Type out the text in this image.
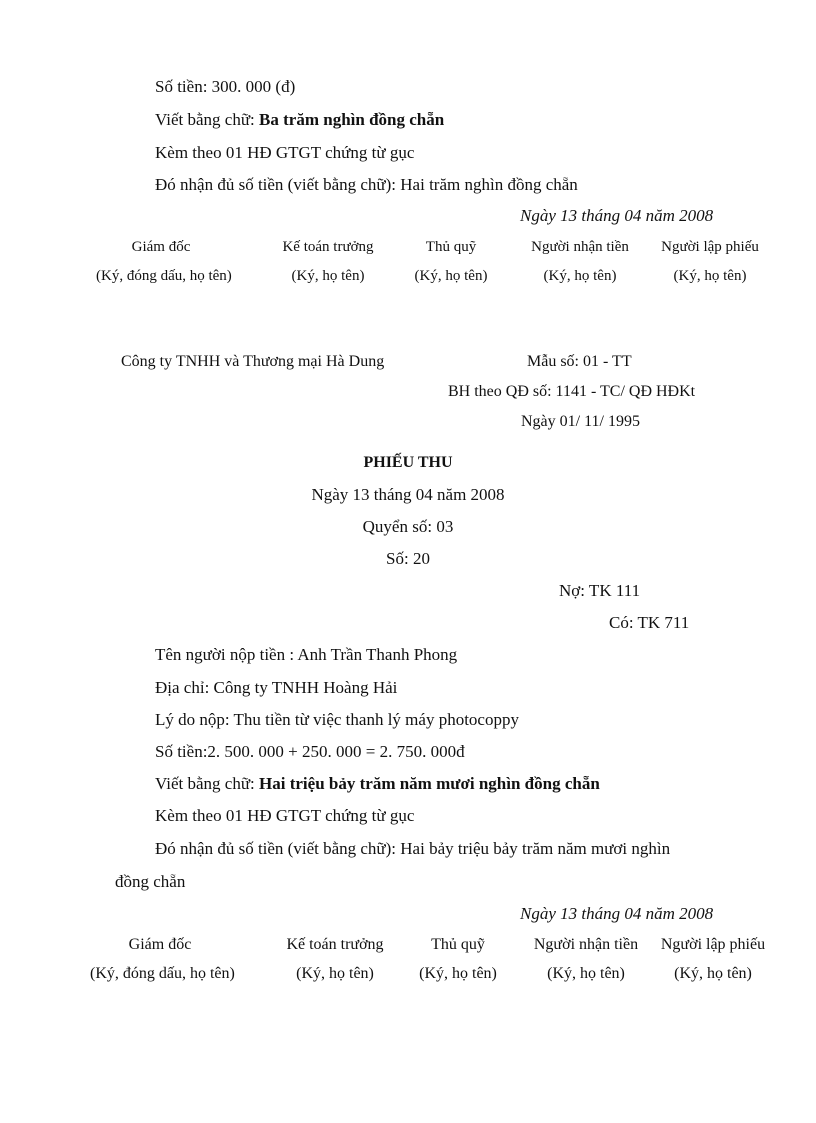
Số tiền: 300. 000 (đ)
Viết bằng chữ: Ba trăm nghìn đồng chẵn
Kèm theo 01 HĐ GTGT chứng từ gục
Đó nhận đủ số tiền (viết bằng chữ): Hai trăm nghìn đồng chẵn
Ngày 13 tháng 04 năm 2008
Giám đốc
(Ký, đóng dấu, họ tên)
Kế toán trưởng
(Ký, họ tên)
Thủ quỹ
(Ký, họ tên)
Người nhận tiền
(Ký, họ tên)
Người lập phiếu
(Ký, họ tên)
Công ty TNHH và Thương mại Hà Dung	Mẫu số: 01 - TT
BH theo QĐ số: 1141 - TC/ QĐ HĐKt
Ngày 01/ 11/ 1995
PHIẾU THU
Ngày 13 tháng 04 năm 2008
Quyển số: 03
Số: 20
Nợ: TK 111
Có: TK 711
Tên người nộp tiền : Anh Trần Thanh Phong
Địa chỉ: Công ty TNHH Hoàng Hải
Lý do nộp: Thu tiền từ việc thanh lý máy photocoppy
Số tiền:2. 500. 000 + 250. 000 = 2. 750. 000đ
Viết bằng chữ: Hai triệu bảy trăm năm mươi nghìn đồng chẵn
Kèm theo 01 HĐ GTGT chứng từ gục
Đó nhận đủ số tiền (viết bằng chữ): Hai bảy triệu bảy trăm năm mươi nghìn
đồng chẵn
Ngày 13 tháng 04 năm 2008
Giám đốc
(Ký, đóng dấu, họ tên)
Kế toán trưởng
(Ký, họ tên)
Thủ quỹ
(Ký, họ tên)
Người nhận tiền
(Ký, họ tên)
Người lập phiếu
(Ký, họ tên)
